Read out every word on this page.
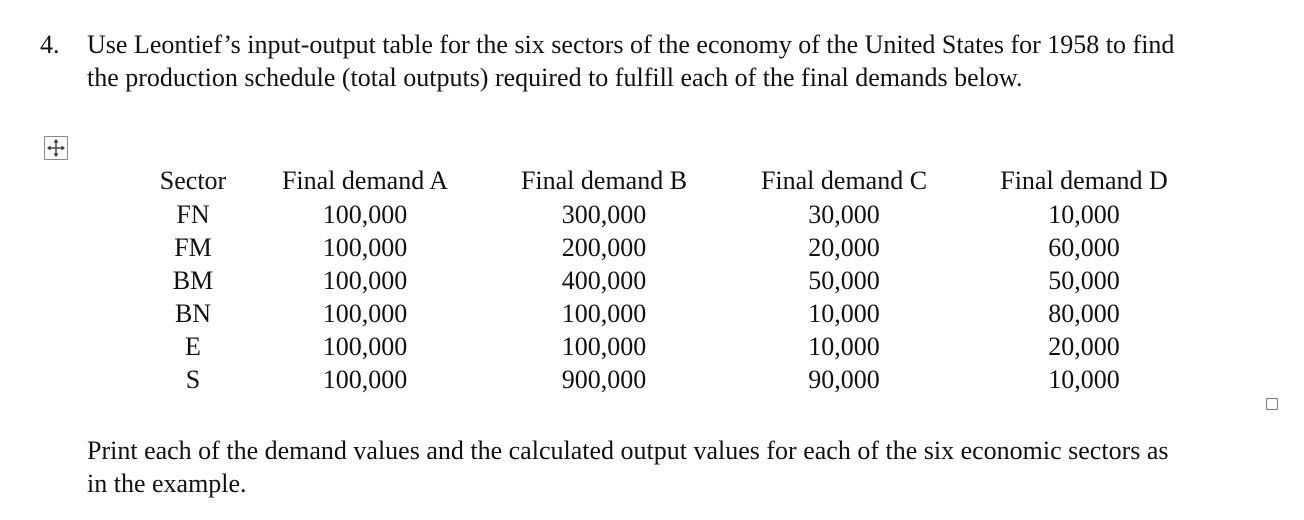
4. Use Leontief’s input-output table for the six sectors of the economy of the United States for 1958 to find the production schedule (total outputs) required to fulfill each of the final demands below.
Sector	Final demand A	Final demand B	Final demand C	Final demand D
FN	100,000	300,000	30,000	10,000
FM	100,000	200,000	20,000	60,000
BM	100,000	400,000	50,000	50,000
BN	100,000	100,000	10,000	80,000
E	100,000	100,000	10,000	20,000
S	100,000	900,000	90,000	10,000
Print each of the demand values and the calculated output values for each of the six economic sectors as in the example.
